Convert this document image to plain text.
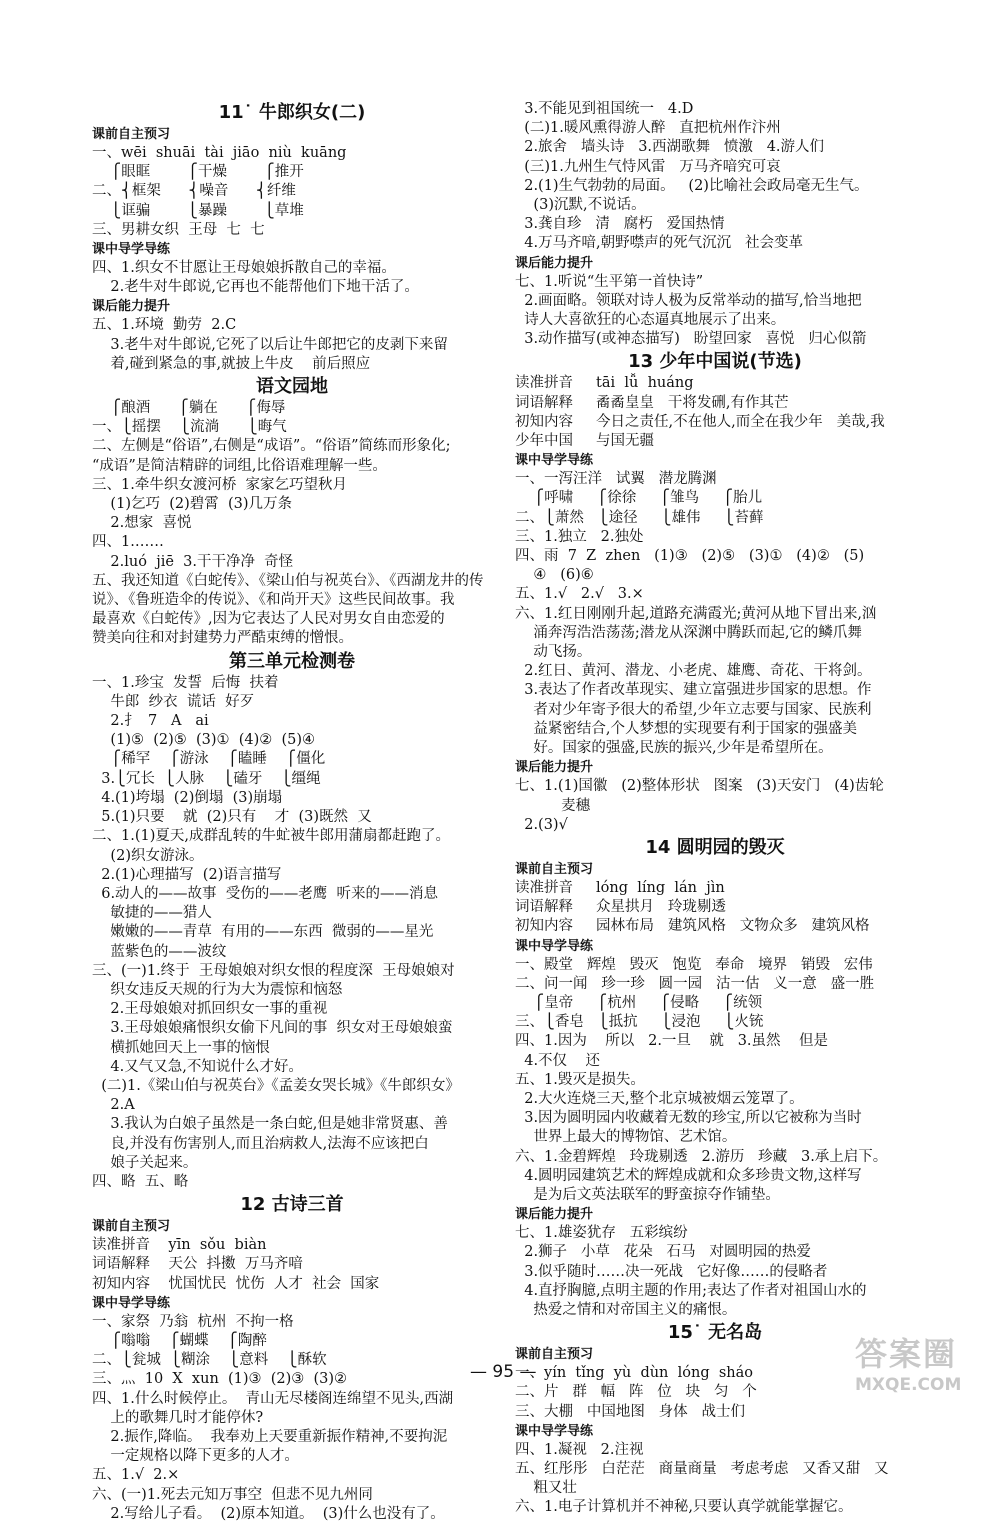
11˙ 牛郎织女(二)
课前自主预习
一、wēi  shuāi  tài  jiāo  niù  kuāng
⎧眼眶        ⎧干燥        ⎧推开
二、⎨框架      ⎨噪音      ⎨纤维
⎩诓骗        ⎩暴躁        ⎩草堆
三、男耕女织  王母  七  七
课中导学导练
四、1.织女不甘愿让王母娘娘拆散自己的幸福。
2.老牛对牛郎说,它再也不能帮他们下地干活了。
课后能力提升
五、1.环境  勤劳  2.C
3.老牛对牛郎说,它死了以后让牛郎把它的皮剥下来留
着,碰到紧急的事,就披上牛皮    前后照应
语文园地
⎧酿酒      ⎧躺在      ⎧侮辱
一、⎩摇摆    ⎩流淌      ⎩晦气
二、左侧是“俗语”,右侧是“成语”。“俗语”简练而形象化;
“成语”是简洁精辟的词组,比俗语难理解一些。
三、1.牵牛织女渡河桥  家家乞巧望秋月
(1)乞巧  (2)碧霄  (3)几万条
2.想家  喜悦
四、1.……
2.luó  jiē  3.干干净净  奇怪
五、我还知道《白蛇传》、《梁山伯与祝英台》、《西湖龙井的传
说》、《鲁班造伞的传说》、《和尚开天》这些民间故事。我
最喜欢《白蛇传》,因为它表达了人民对男女自由恋爱的
赞美向往和对封建势力严酷束缚的憎恨。
第三单元检测卷
一、1.珍宝  发誓  后悔  扶着
牛郎  纱衣  谎话  好歹
2.扌  7   A   ai
(1)⑤  (2)⑤  (3)①  (4)②  (5)④
⎧稀罕    ⎧游泳    ⎧瞌睡    ⎧僵化
3.⎩冗长  ⎩人脉    ⎩磕牙    ⎩缰绳
4.(1)垮塌  (2)倒塌  (3)崩塌
5.(1)只要    就  (2)只有    才  (3)既然  又
二、1.(1)夏天,成群乱转的牛虻被牛郎用蒲扇都赶跑了。
(2)织女游泳。
2.(1)心理描写  (2)语言描写
6.动人的——故事  受伤的——老鹰  听来的——消息
敏捷的——猎人
嫩嫩的——青草  有用的——东西  微弱的——星光
蓝紫色的——波纹
三、(一)1.终于  王母娘娘对织女恨的程度深  王母娘娘对
织女违反天规的行为大为震惊和恼怒
2.王母娘娘对抓回织女一事的重视
3.王母娘娘痛恨织女偷下凡间的事  织女对王母娘娘蛮
横抓她回天上一事的恼恨
4.又气又急,不知说什么才好。
(二)1.《梁山伯与祝英台》《孟姜女哭长城》《牛郎织女》
2.A
3.我认为白娘子虽然是一条白蛇,但是她非常贤惠、善
良,并没有伤害别人,而且治病救人,法海不应该把白
娘子关起来。
四、略  五、略
12 古诗三首
课前自主预习
读准拼音    yīn  sǒu  biàn
词语解释    天公  抖擞  万马齐喑
初知内容    忧国忧民  忧伤  人才  社会  国家
课中导学导练
一、家祭  乃翁  杭州  不拘一格
⎧嗡嗡    ⎧蝴蝶    ⎧陶醉
二、⎩瓮城  ⎩糊涂    ⎩意料    ⎩酥软
三、灬  10  X  xun  (1)③  (2)③  (3)②
四、1.什么时候停止。  青山无尽楼阁连绵望不见头,西湖
上的歌舞几时才能停休?
2.振作,降临。  我奉劝上天要重新振作精神,不要拘泥
一定规格以降下更多的人才。
五、1.√  2.×
六、(一)1.死去元知万事空  但悲不见九州同
2.写给儿子看。  (2)原本知道。  (3)什么也没有了。
3.不能见到祖国统一   4.D
(二)1.暖风熏得游人醉   直把杭州作汴州
2.旅舍   墙头诗   3.西湖歌舞   愤激   4.游人们
(三)1.九州生气恃风雷   万马齐喑究可哀
2.(1)生气勃勃的局面。   (2)比喻社会政局毫无生气。
(3)沉默,不说话。
3.龚自珍   清   腐朽   爱国热情
4.万马齐喑,朝野噤声的死气沉沉   社会变革
课后能力提升
七、1.听说“生平第一首快诗”
2.画面略。领联对诗人极为反常举动的描写,恰当地把
诗人大喜欲狂的心态逼真地展示了出来。
3.动作描写(或神态描写)   盼望回家   喜悦   归心似箭
13 少年中国说(节选)
读准拼音     tāi  lǚ  huáng
词语解释     矞矞皇皇   干将发硎,有作其芒
初知内容     今日之责任,不在他人,而全在我少年   美哉,我
少年中国     与国无疆
课中导学导练
一、一泻汪洋   试翼   潜龙腾渊
⎧呼啸     ⎧徐徐     ⎧雏鸟     ⎧胎儿
二、⎩萧然   ⎩途径     ⎩雄伟     ⎩苔藓
三、1.独立   2.独处
四、雨  7  Z  zhen   (1)③   (2)⑤   (3)①   (4)②   (5)
④   (6)⑥
五、1.√   2.√   3.×
六、1.红日刚刚升起,道路充满霞光;黄河从地下冒出来,汹
涌奔泻浩浩荡荡;潜龙从深渊中腾跃而起,它的鳞爪舞
动飞扬。
2.红日、黄河、潜龙、小老虎、雄鹰、奇花、干将剑。
3.表达了作者改革现实、建立富强进步国家的思想。作
者对少年寄予很大的希望,少年立志要与国家、民族利
益紧密结合,个人梦想的实现要有利于国家的强盛美
好。国家的强盛,民族的振兴,少年是希望所在。
课后能力提升
七、1.(1)国徽   (2)整体形状   图案   (3)天安门   (4)齿轮
麦穗
2.(3)√
14 圆明园的毁灭
课前自主预习
读准拼音     lóng  líng  lán  jìn
词语解释     众星拱月   玲珑剔透
初知内容     园林布局   建筑风格   文物众多   建筑风格
课中导学导练
一、殿堂   辉煌   毁灭   饱览   奉命   境界   销毁   宏伟
二、问一闻   珍一珍   圆一园   沽一估   义一意   盛一胜
⎧皇帝     ⎧杭州     ⎧侵略     ⎧统领
三、⎩香皂   ⎩抵抗     ⎩浸泡     ⎩火铳
四、1.因为    所以   2.一旦    就   3.虽然    但是
4.不仅    还
五、1.毁灭是损失。
2.大火连烧三天,整个北京城被烟云笼罩了。
3.因为圆明园内收藏着无数的珍宝,所以它被称为当时
世界上最大的博物馆、艺术馆。
六、1.金碧辉煌   玲珑剔透   2.游历   珍藏   3.承上启下。
4.圆明园建筑艺术的辉煌成就和众多珍贵文物,这样写
是为后文英法联军的野蛮掠夺作铺垫。
课后能力提升
七、1.雄姿犹存   五彩缤纷
2.狮子   小草   花朵   石马   对圆明园的热爱
3.似乎随时……决一死战   它好像……的侵略者
4.直抒胸臆,点明主题的作用;表达了作者对祖国山水的
热爱之情和对帝国主义的痛恨。
15˙ 无名岛
课前自主预习
一、yín  tǐng  yù  dùn  lóng  sháo
二、片   群   幅   阵   位   块   匀   个
三、大棚   中国地图   身体   战士们
课中导学导练
四、1.凝视   2.注视
五、红彤彤   白茫茫   商量商量   考虑考虑   又香又甜   又
粗又壮
六、1.电子计算机并不神秘,只要认真学就能掌握它。
— 95 —	答案圈
MXQE.COM
